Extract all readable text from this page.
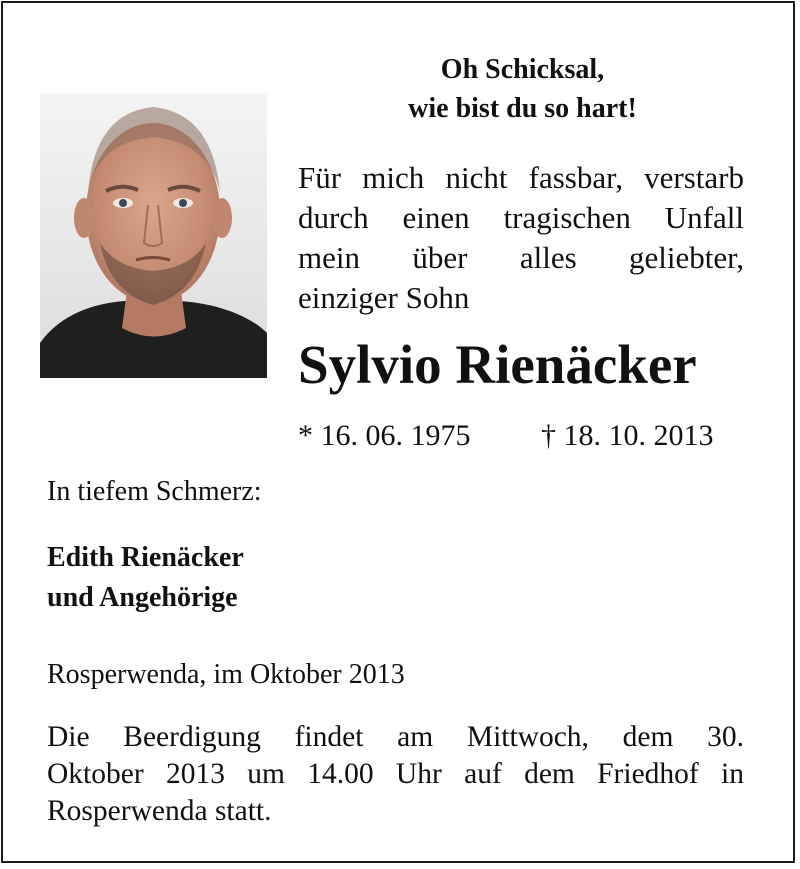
Oh Schicksal,
wie bist du so hart!
Für mich nicht fassbar, verstarb
durch einen tragischen Unfall
mein über alles geliebter,
einziger Sohn
Sylvio Rienäcker
* 16. 06. 1975 † 18. 10. 2013
In tiefem Schmerz:
Edith Rienäcker
und Angehörige
Rosperwenda, im Oktober 2013
Die Beerdigung findet am Mittwoch, dem 30.
Oktober 2013 um 14.00 Uhr auf dem Friedhof in
Rosperwenda statt.
